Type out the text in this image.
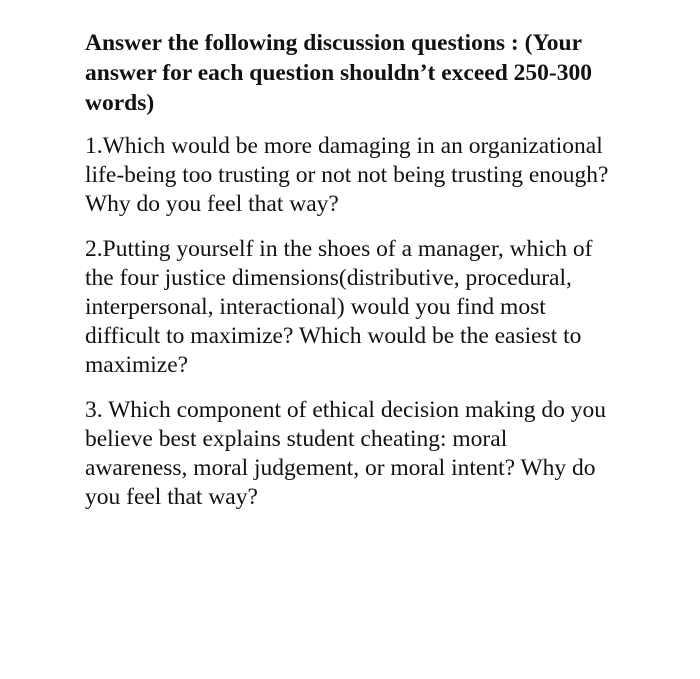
Answer the following discussion questions : (Your answer for each question shouldn’t exceed 250-300 words)

1.Which would be more damaging in an organizational life-being too trusting or not not being trusting enough? Why do you feel that way?

2.Putting yourself in the shoes of a manager, which of the four justice dimensions(distributive, procedural, interpersonal, interactional) would you find most difficult to maximize? Which would be the easiest to maximize?

3. Which component of ethical decision making do you believe best explains student cheating: moral awareness, moral judgement, or moral intent? Why do you feel that way?
